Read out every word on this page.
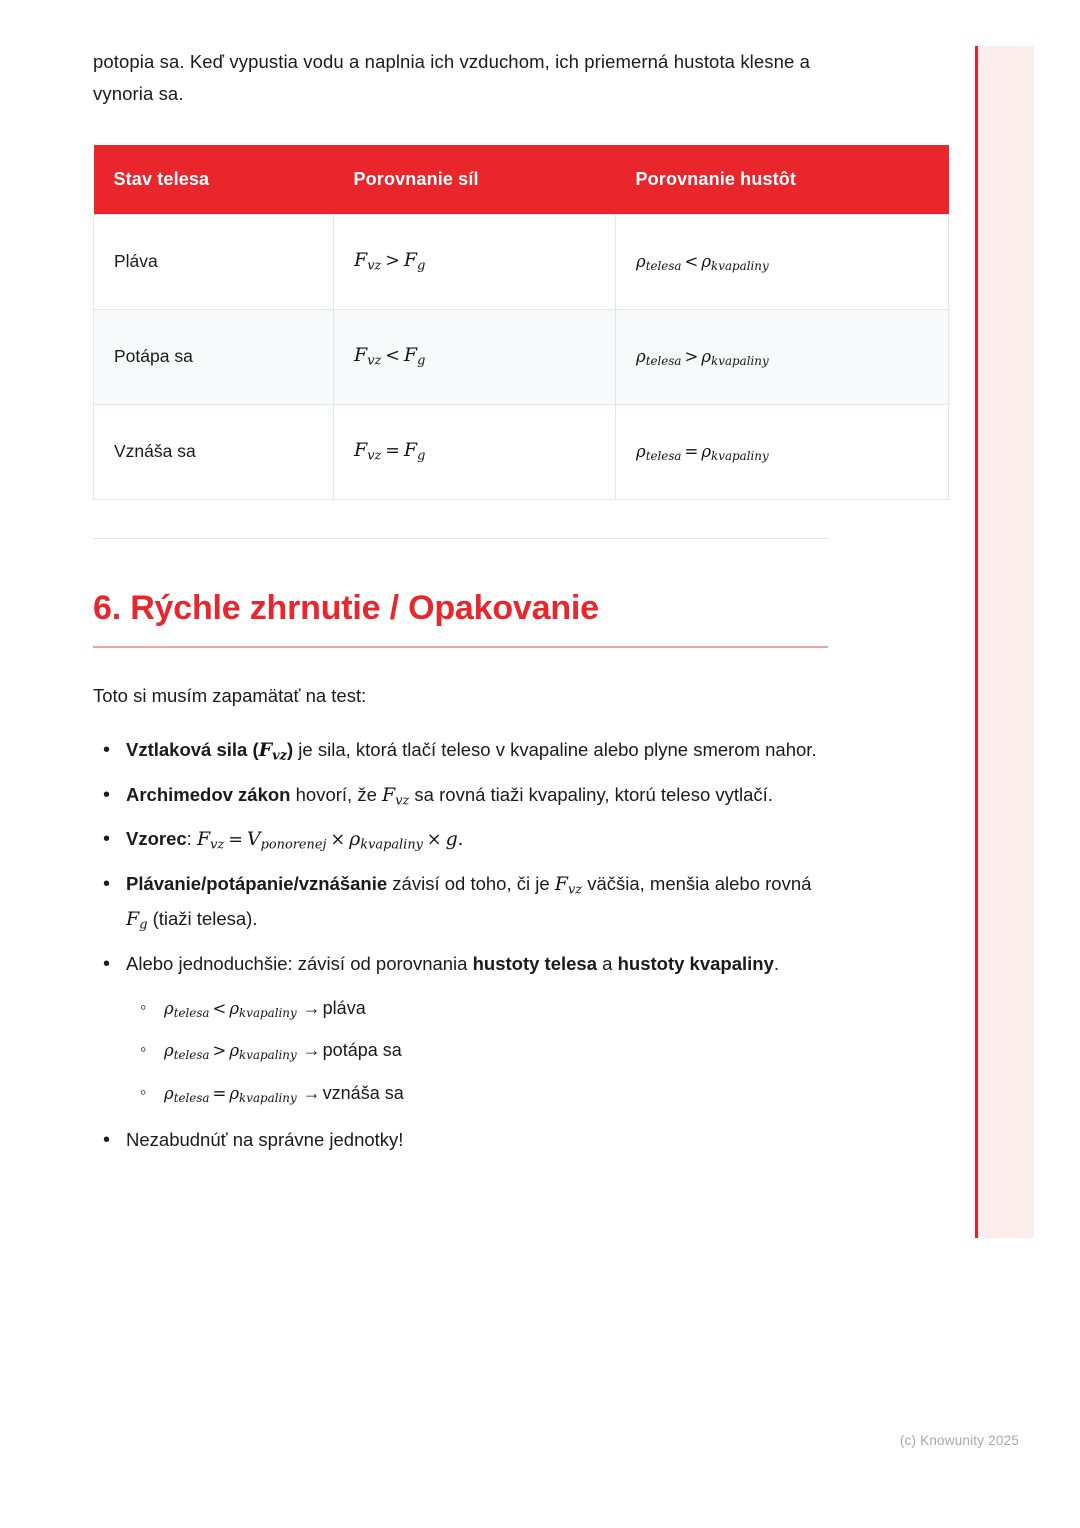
potopia sa. Keď vypustia vodu a naplnia ich vzduchom, ich priemerná hustota klesne a vynoria sa.

Stav telesa	Porovnanie síl	Porovnanie hustôt
Pláva	$F_{vz} > F_g$	$\rho_{telesa} < \rho_{kvapaliny}$
Potápa sa	$F_{vz} < F_g$	$\rho_{telesa} > \rho_{kvapaliny}$
Vznáša sa	$F_{vz} = F_g$	$\rho_{telesa} = \rho_{kvapaliny}$
6. Rýchle zhrnutie / Opakovanie

Toto si musím zapamätať na test:

• Vztlaková sila $(F_{vz})$ je sila, ktorá tlačí teleso v kvapaline alebo plyne smerom nahor.
• Archimedov zákon hovorí, že $F_{vz}$ sa rovná tiaži kvapaliny, ktorú teleso vytlačí.
• Vzorec: $F_{vz} = V_{ponorenej} \times \rho_{kvapaliny} \times g$.
• Plávanie/potápanie/vznášanie závisí od toho, či je $F_{vz}$ väčšia, menšia alebo rovná $F_g$ (tiaži telesa).
• Alebo jednoduchšie: závisí od porovnania hustoty telesa a hustoty kvapaliny.
◦ $\rho_{telesa} < \rho_{kvapaliny}$ → pláva
◦ $\rho_{telesa} > \rho_{kvapaliny}$ → potápa sa
◦ $\rho_{telesa} = \rho_{kvapaliny}$ → vznáša sa
• Nezabudnúť na správne jednotky!
(c) Knowunity 2025
